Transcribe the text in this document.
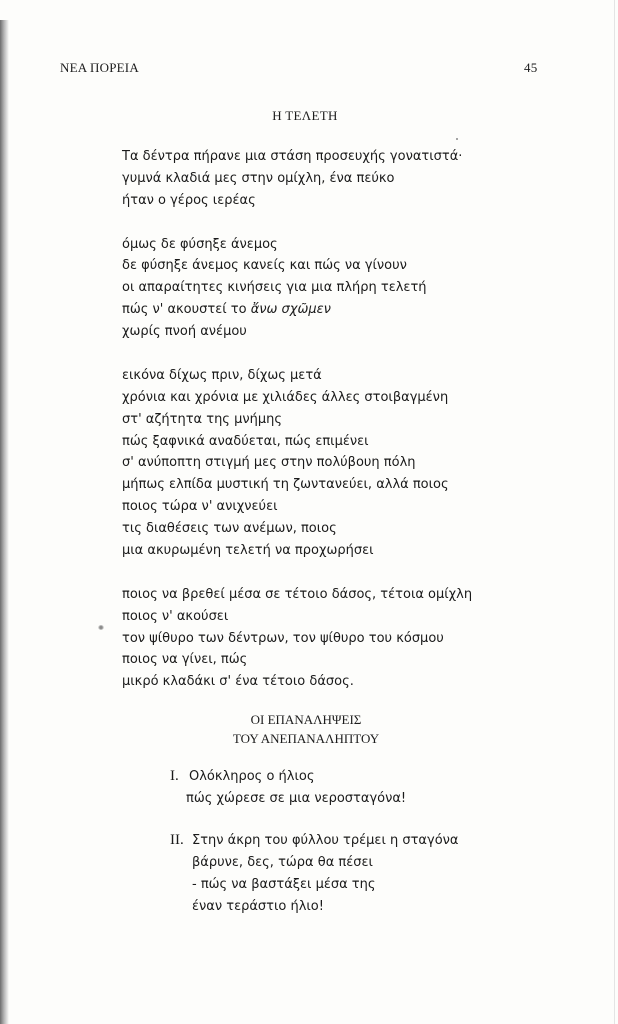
ΝΕΑ ΠΟΡΕΙΑ	45
Η ΤΕΛΕΤΗ
Τα δέντρα πήρανε μια στάση προσευχής γονατιστά·
γυμνά κλαδιά μες στην ομίχλη, ένα πεύκο
ήταν ο γέρος ιερέας
όμως δε φύσηξε άνεμος
δε φύσηξε άνεμος κανείς και πώς να γίνουν
οι απαραίτητες κινήσεις για μια πλήρη τελετή
πώς ν' ακουστεί το ἄνω σχῶμεν
χωρίς πνοή ανέμου
εικόνα δίχως πριν, δίχως μετά
χρόνια και χρόνια με χιλιάδες άλλες στοιβαγμένη
στ' αζήτητα της μνήμης
πώς ξαφνικά αναδύεται, πώς επιμένει
σ' ανύποπτη στιγμή μες στην πολύβουη πόλη
μήπως ελπίδα μυστική τη ζωντανεύει, αλλά ποιος
ποιος τώρα ν' ανιχνεύει
τις διαθέσεις των ανέμων, ποιος
μια ακυρωμένη τελετή να προχωρήσει
ποιος να βρεθεί μέσα σε τέτοιο δάσος, τέτοια ομίχλη
ποιος ν' ακούσει
τον ψίθυρο των δέντρων, τον ψίθυρο του κόσμου
ποιος να γίνει, πώς
μικρό κλαδάκι σ' ένα τέτοιο δάσος.
ΟΙ ΕΠΑΝΑΛΗΨΕΙΣ
ΤΟΥ ΑΝΕΠΑΝΑΛΗΠΤΟΥ
I. Ολόκληρος ο ήλιος
πώς χώρεσε σε μια νεροσταγόνα!
II. Στην άκρη του φύλλου τρέμει η σταγόνα
βάρυνε, δες, τώρα θα πέσει
- πώς να βαστάξει μέσα της
έναν τεράστιο ήλιο!
